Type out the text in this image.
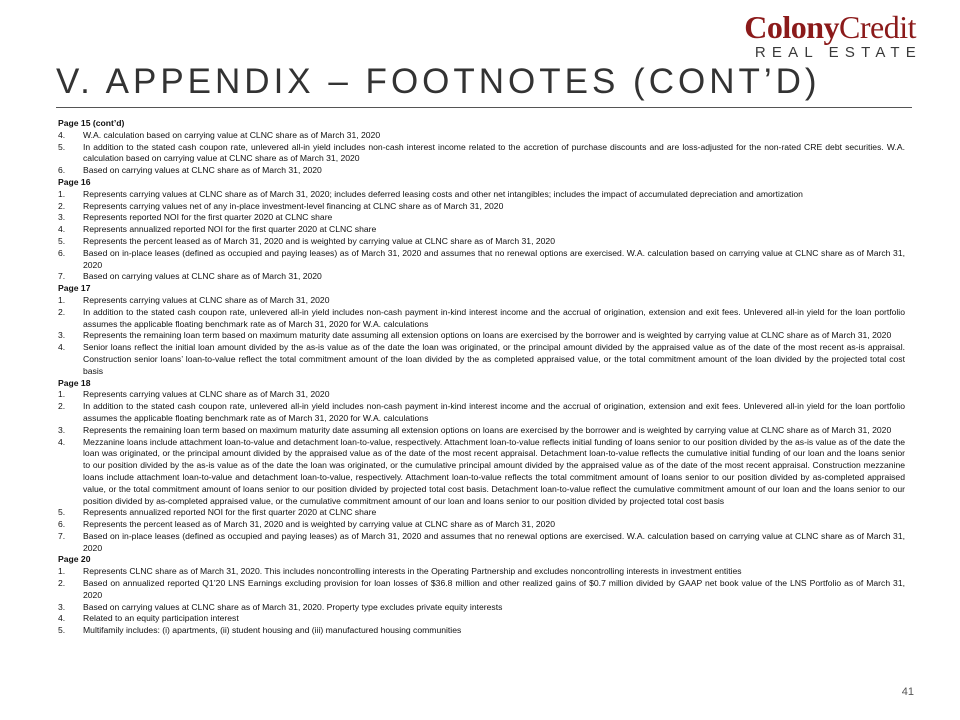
ColonyCredit
REAL ESTATE
V. APPENDIX – FOOTNOTES (CONT’D)
Page 15 (cont’d)
4.	W.A. calculation based on carrying value at CLNC share as of March 31, 2020
5.	In addition to the stated cash coupon rate, unlevered all-in yield includes non-cash interest income related to the accretion of purchase discounts and are loss-adjusted for the non-rated CRE debt securities. W.A. calculation based on carrying value at CLNC share as of March 31, 2020
6.	Based on carrying values at CLNC share as of March 31, 2020
Page 16
1.	Represents carrying values at CLNC share as of March 31, 2020; includes deferred leasing costs and other net intangibles; includes the impact of accumulated depreciation and amortization
2.	Represents carrying values net of any in-place investment-level financing at CLNC share as of March 31, 2020
3.	Represents reported NOI for the first quarter 2020 at CLNC share
4.	Represents annualized reported NOI for the first quarter 2020 at CLNC share
5.	Represents the percent leased as of March 31, 2020 and is weighted by carrying value at CLNC share as of March 31, 2020
6.	Based on in-place leases (defined as occupied and paying leases) as of March 31, 2020 and assumes that no renewal options are exercised. W.A. calculation based on carrying value at CLNC share as of March 31, 2020
7.	Based on carrying values at CLNC share as of March 31, 2020
Page 17
1.	Represents carrying values at CLNC share as of March 31, 2020
2.	In addition to the stated cash coupon rate, unlevered all-in yield includes non-cash payment in-kind interest income and the accrual of origination, extension and exit fees. Unlevered all-in yield for the loan portfolio assumes the applicable floating benchmark rate as of March 31, 2020 for W.A. calculations
3.	Represents the remaining loan term based on maximum maturity date assuming all extension options on loans are exercised by the borrower and is weighted by carrying value at CLNC share as of March 31, 2020
4.	Senior loans reflect the initial loan amount divided by the as-is value as of the date the loan was originated, or the principal amount divided by the appraised value as of the date of the most recent as-is appraisal. Construction senior loans’ loan-to-value reflect the total commitment amount of the loan divided by the as completed appraised value, or the total commitment amount of the loan divided by the projected total cost basis
Page 18
1.	Represents carrying values at CLNC share as of March 31, 2020
2.	In addition to the stated cash coupon rate, unlevered all-in yield includes non-cash payment in-kind interest income and the accrual of origination, extension and exit fees. Unlevered all-in yield for the loan portfolio assumes the applicable floating benchmark rate as of March 31, 2020 for W.A. calculations
3.	Represents the remaining loan term based on maximum maturity date assuming all extension options on loans are exercised by the borrower and is weighted by carrying value at CLNC share as of March 31, 2020
4.	Mezzanine loans include attachment loan-to-value and detachment loan-to-value, respectively. Attachment loan-to-value reflects initial funding of loans senior to our position divided by the as-is value as of the date the loan was originated, or the principal amount divided by the appraised value as of the date of the most recent appraisal. Detachment loan-to-value reflects the cumulative initial funding of our loan and the loans senior to our position divided by the as-is value as of the date the loan was originated, or the cumulative principal amount divided by the appraised value as of the date of the most recent appraisal. Construction mezzanine loans include attachment loan-to-value and detachment loan-to-value, respectively. Attachment loan-to-value reflects the total commitment amount of loans senior to our position divided by as-completed appraised value, or the total commitment amount of loans senior to our position divided by projected total cost basis. Detachment loan-to-value reflect the cumulative commitment amount of our loan and the loans senior to our position divided by as-completed appraised value, or the cumulative commitment amount of our loan and loans senior to our position divided by projected total cost basis
5.	Represents annualized reported NOI for the first quarter 2020 at CLNC share
6.	Represents the percent leased as of March 31, 2020 and is weighted by carrying value at CLNC share as of March 31, 2020
7.	Based on in-place leases (defined as occupied and paying leases) as of March 31, 2020 and assumes that no renewal options are exercised. W.A. calculation based on carrying value at CLNC share as of March 31, 2020
Page 20
1.	Represents CLNC share as of March 31, 2020. This includes noncontrolling interests in the Operating Partnership and excludes noncontrolling interests in investment entities
2.	Based on annualized reported Q1’20 LNS Earnings excluding provision for loan losses of $36.8 million and other realized gains of $0.7 million divided by GAAP net book value of the LNS Portfolio as of March 31, 2020
3.	Based on carrying values at CLNC share as of March 31, 2020. Property type excludes private equity interests
4.	Related to an equity participation interest
5.	Multifamily includes: (i) apartments, (ii) student housing and (iii) manufactured housing communities
41
